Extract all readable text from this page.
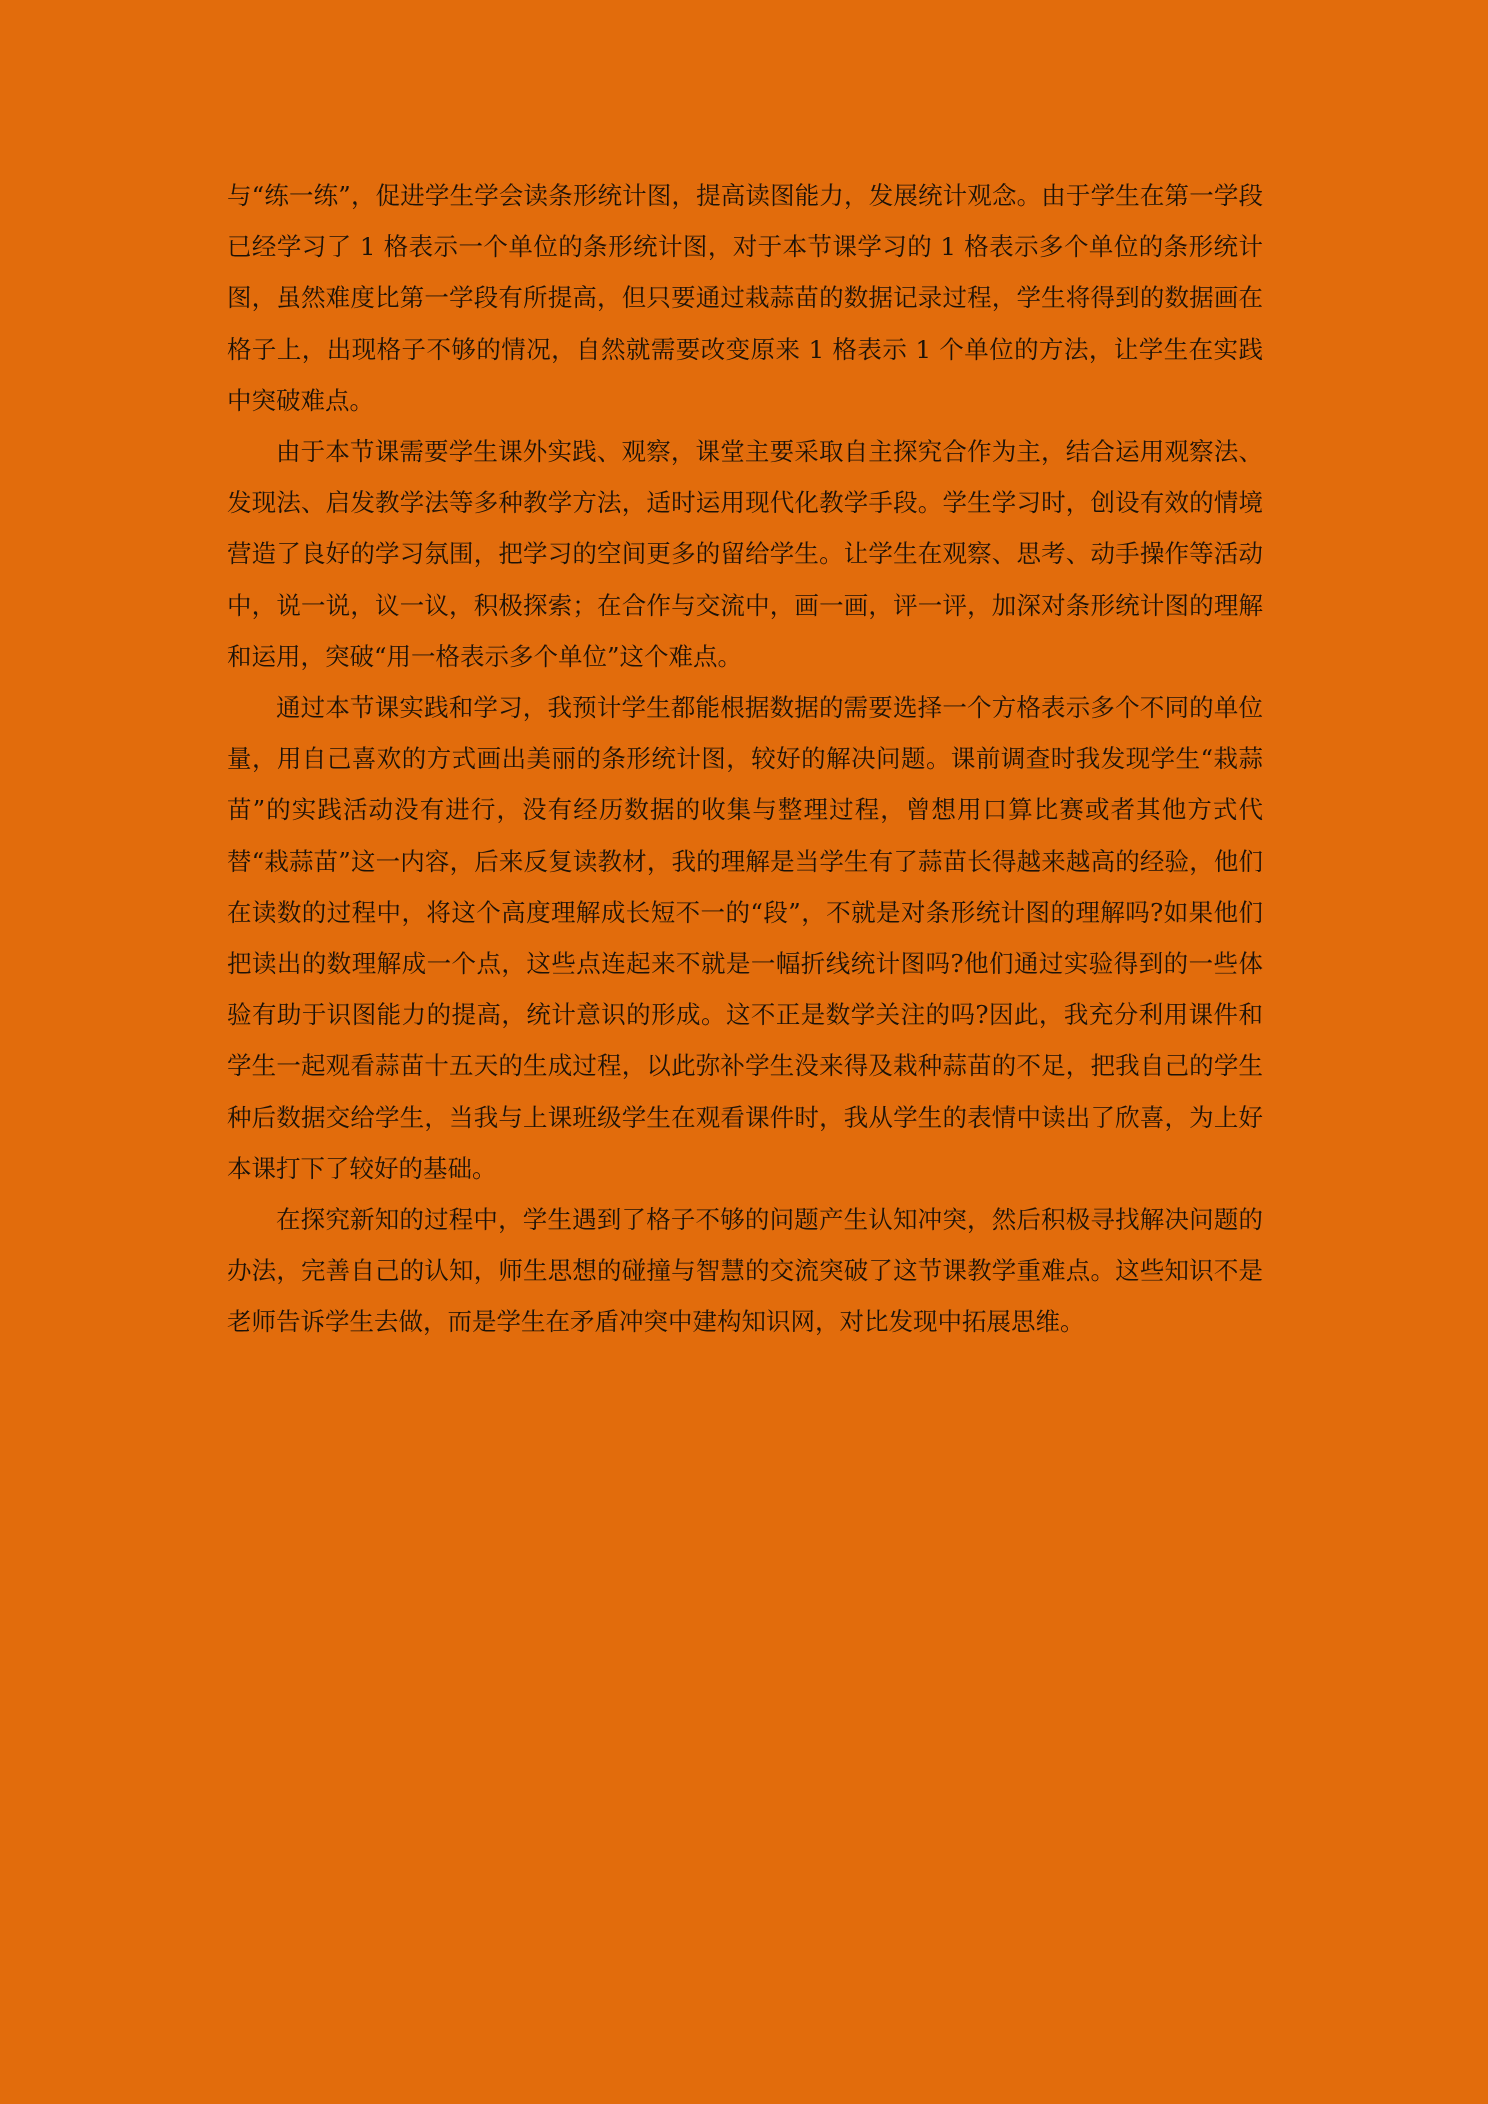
与“练一练”，促进学生学会读条形统计图，提高读图能力，发展统计观念。由于学生在第一学段已经学习了 1 格表示一个单位的条形统计图，对于本节课学习的 1 格表示多个单位的条形统计图，虽然难度比第一学段有所提高，但只要通过栽蒜苗的数据记录过程，学生将得到的数据画在格子上，出现格子不够的情况，自然就需要改变原来 1 格表示 1 个单位的方法，让学生在实践中突破难点。

由于本节课需要学生课外实践、观察，课堂主要采取自主探究合作为主，结合运用观察法、发现法、启发教学法等多种教学方法，适时运用现代化教学手段。学生学习时，创设有效的情境营造了良好的学习氛围，把学习的空间更多的留给学生。让学生在观察、思考、动手操作等活动中，说一说，议一议，积极探索；在合作与交流中，画一画，评一评，加深对条形统计图的理解和运用，突破“用一格表示多个单位”这个难点。

通过本节课实践和学习，我预计学生都能根据数据的需要选择一个方格表示多个不同的单位量，用自己喜欢的方式画出美丽的条形统计图，较好的解决问题。课前调查时我发现学生“栽蒜苗”的实践活动没有进行，没有经历数据的收集与整理过程，曾想用口算比赛或者其他方式代替“栽蒜苗”这一内容，后来反复读教材，我的理解是当学生有了蒜苗长得越来越高的经验，他们在读数的过程中，将这个高度理解成长短不一的“段”，不就是对条形统计图的理解吗?如果他们把读出的数理解成一个点，这些点连起来不就是一幅折线统计图吗?他们通过实验得到的一些体验有助于识图能力的提高，统计意识的形成。这不正是数学关注的吗?因此，我充分利用课件和学生一起观看蒜苗十五天的生成过程，以此弥补学生没来得及栽种蒜苗的不足，把我自己的学生种后数据交给学生，当我与上课班级学生在观看课件时，我从学生的表情中读出了欣喜，为上好本课打下了较好的基础。

在探究新知的过程中，学生遇到了格子不够的问题产生认知冲突，然后积极寻找解决问题的办法，完善自己的认知，师生思想的碰撞与智慧的交流突破了这节课教学重难点。这些知识不是老师告诉学生去做，而是学生在矛盾冲突中建构知识网，对比发现中拓展思维。
